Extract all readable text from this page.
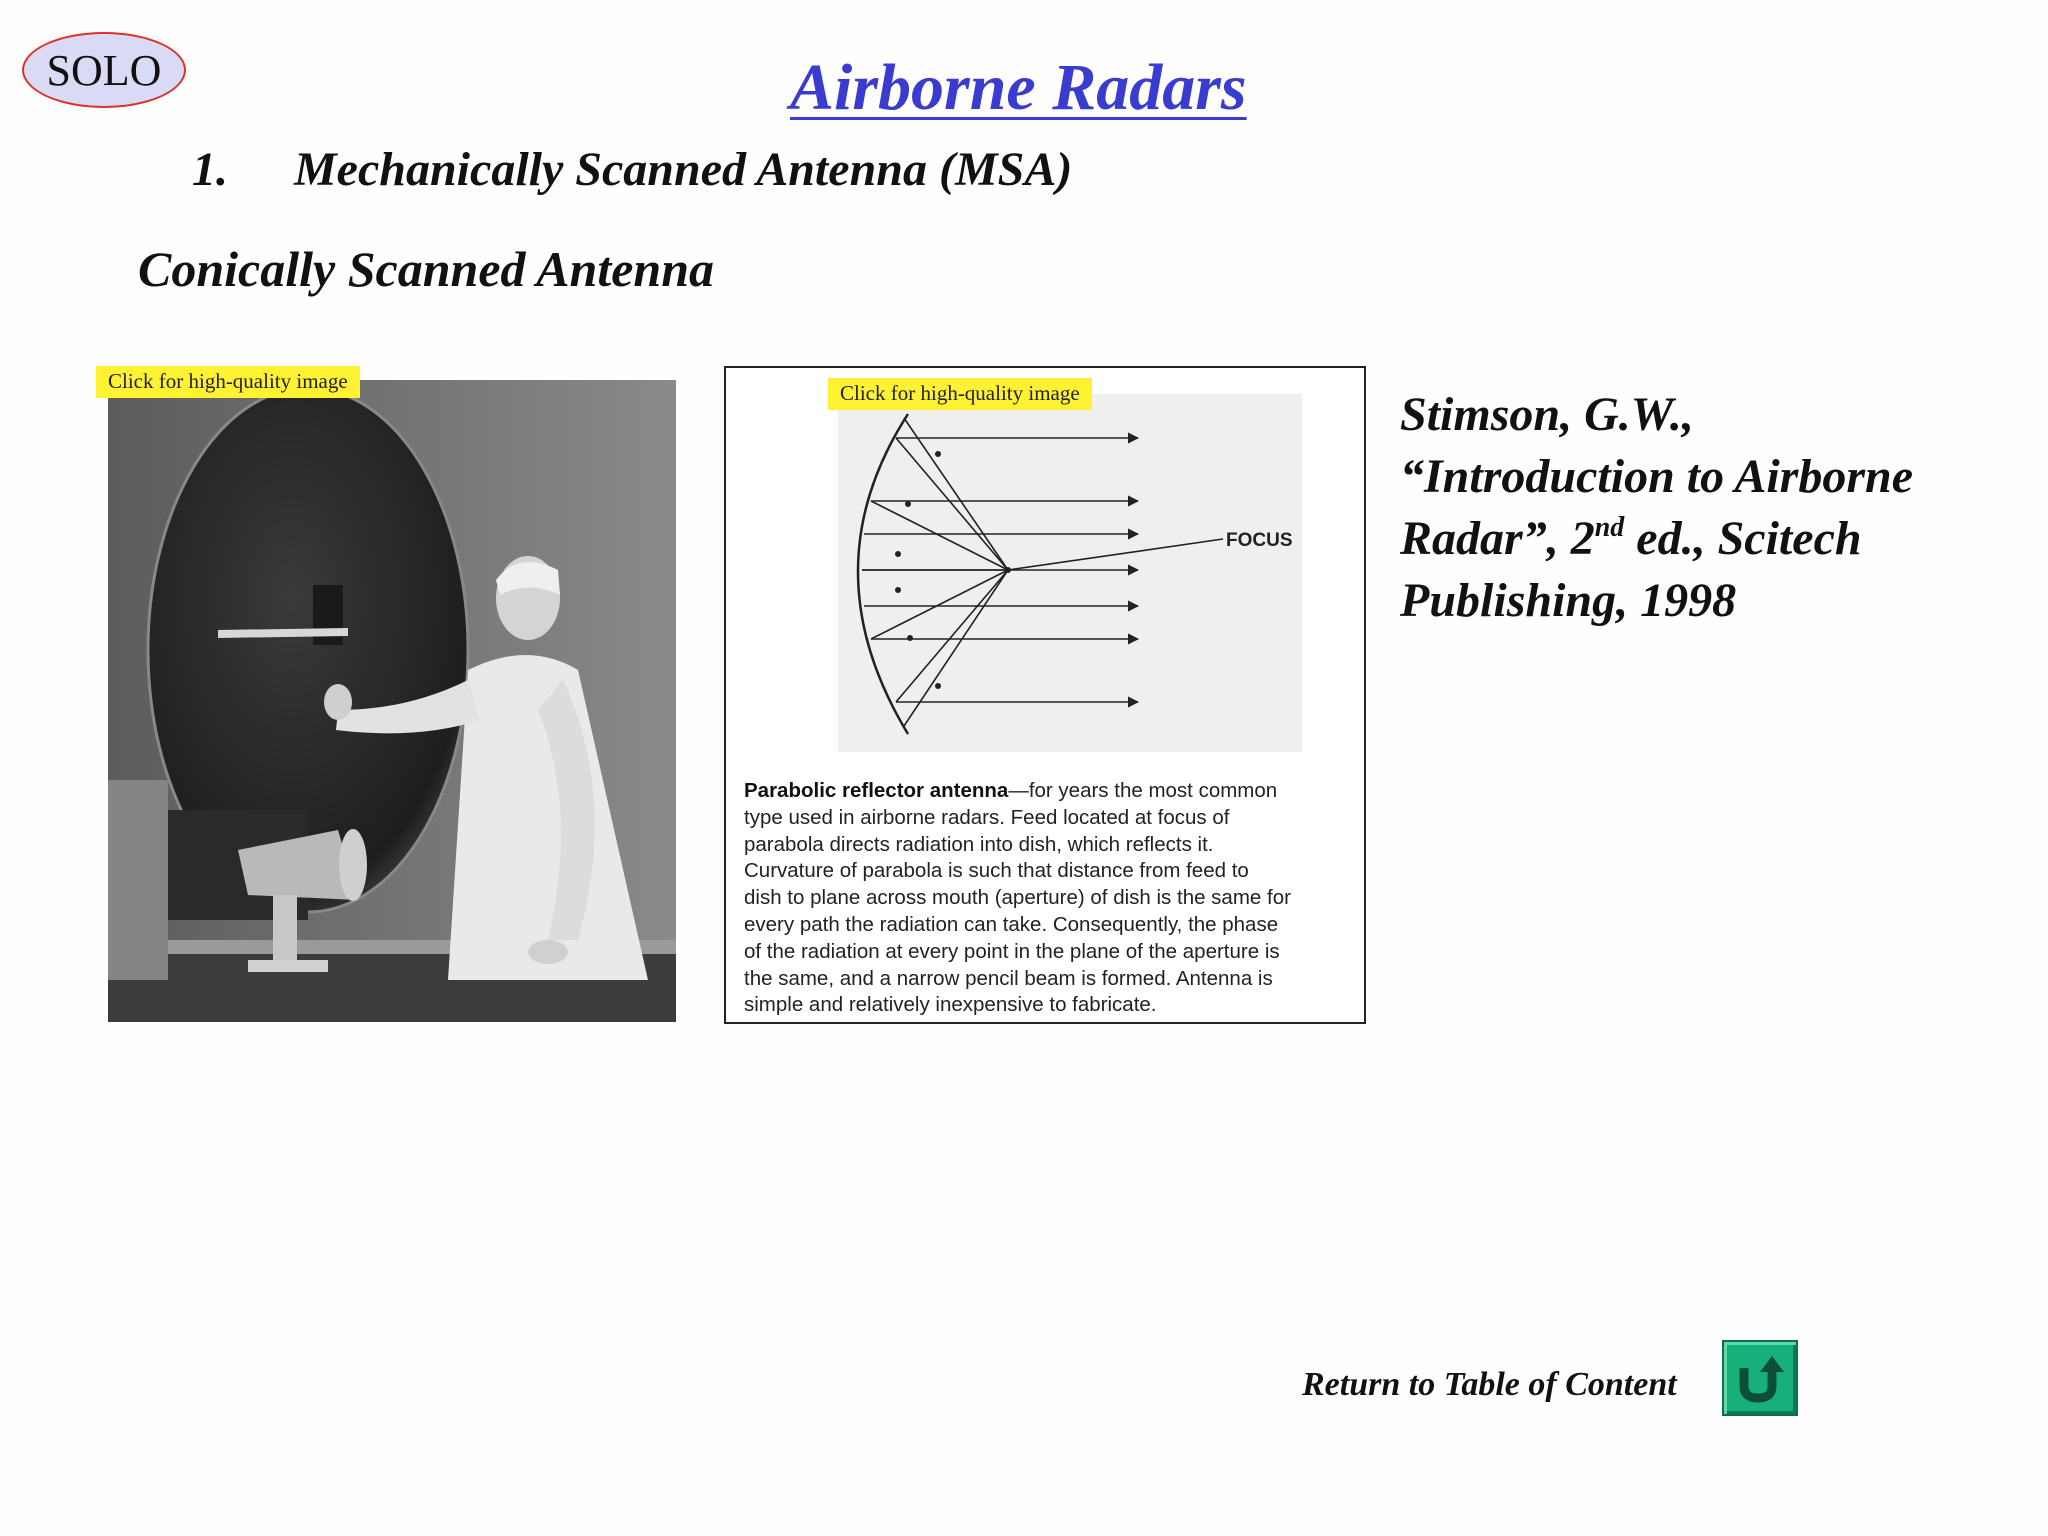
SOLO	Airborne Radars
1. Mechanically Scanned Antenna (MSA)
Conically Scanned Antenna
Click for high-quality image
FOCUS
Click for high-quality image
Parabolic reflector antenna—for years the most common
type used in airborne radars. Feed located at focus of
parabola directs radiation into dish, which reflects it.
Curvature of parabola is such that distance from feed to
dish to plane across mouth (aperture) of dish is the same for
every path the radiation can take. Consequently, the phase
of the radiation at every point in the plane of the aperture is
the same, and a narrow pencil beam is formed. Antenna is
simple and relatively inexpensive to fabricate.
Stimson, G.W.,
“Introduction to Airborne
Radar”, 2nd ed., Scitech
Publishing, 1998
Return to Table of Content
